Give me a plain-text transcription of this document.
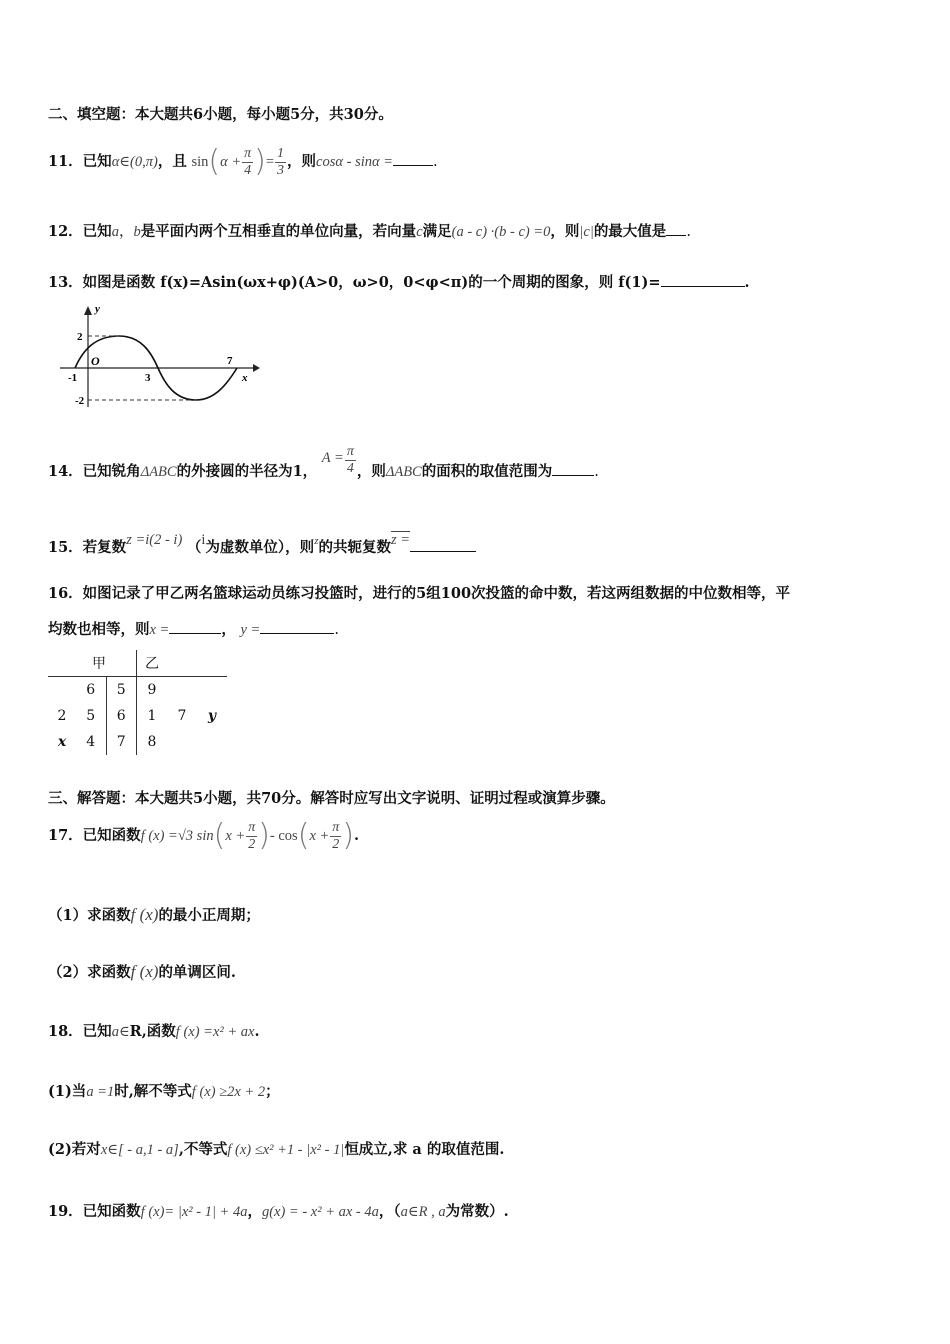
二、填空题：本大题共6小题，每小题5分，共30分。
11．已知α∈(0,π)，且 $\sin(\alpha + \frac{\pi}{4}$ )= $\frac{1}{3}$ ，则cosα - sinα =	.
12．已知a，b是平面内两个互相垂直的单位向量，若向量c满足(a - c) ·(b - c) =0，则|c|的最大值是 .
13．如图是函数 f(x)=Asin(ωx+φ)(A>0，ω>0，0<φ<π)的一个周期的图象，则 f(1)=	.
y
x
O
2
-2
-1	3
7
14．已知锐角ΔABC的外接圆的半径为1， $A = \frac{\pi}{4}$ ，则ΔABC的面积的取值范围为	.
15．若复数z =i(2 - i) （i为虚数单位），则z的共轭复数z =
16．如图记录了甲乙两名篮球运动员练习投篮时，进行的5组100次投篮的命中数，若这两组数据的中位数相等，平
均数也相等，则x =	， y =	.
	甲		乙		
	6	5	9		
2	5	6	1	7	y
x	4	7	8		
三、解答题：本大题共5小题，共70分。解答时应写出文字说明、证明过程或演算步骤。
17．已知函数f (x) =√3 $\sin(x + \frac{\pi}{2}$ )- $\cos(x + \frac{\pi}{2}$ ).
（1）求函数f (x)的最小正周期；
（2）求函数f (x)的单调区间.
18．已知a∈R,函数f (x) =x² + ax.
(1)当a =1时,解不等式f (x) ≥2x + 2；
(2)若对x∈[ - a,1 - a],不等式f (x) ≤x² +1 - |x² - 1|恒成立,求 a 的取值范围.
19．已知函数f (x)= |x² - 1| + 4a，g(x) = - x² + ax - 4a，（a∈R , a为常数）.
